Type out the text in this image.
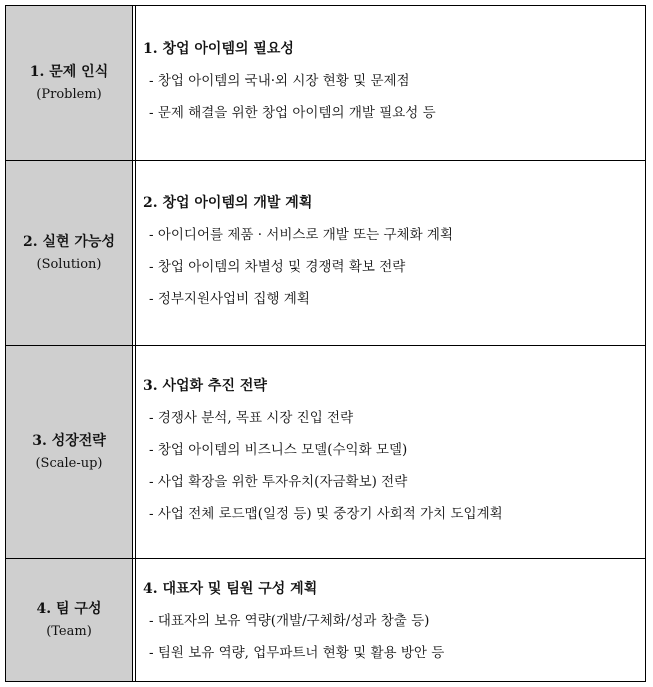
1. 문제 인식
(Problem)
1. 창업 아이템의 필요성
- 창업 아이템의 국내·외 시장 현황 및 문제점
- 문제 해결을 위한 창업 아이템의 개발 필요성 등
2. 실현 가능성
(Solution)
2. 창업 아이템의 개발 계획
- 아이디어를 제품 · 서비스로 개발 또는 구체화 계획
- 창업 아이템의 차별성 및 경쟁력 확보 전략
- 정부지원사업비 집행 계획
3. 성장전략
(Scale-up)
3. 사업화 추진 전략
- 경쟁사 분석, 목표 시장 진입 전략
- 창업 아이템의 비즈니스 모델(수익화 모델)
- 사업 확장을 위한 투자유치(자금확보) 전략
- 사업 전체 로드맵(일정 등) 및 중장기 사회적 가치 도입계획
4. 팀 구성
(Team)
4. 대표자 및 팀원 구성 계획
- 대표자의 보유 역량(개발/구체화/성과 창출 등)
- 팀원 보유 역량, 업무파트너 현황 및 활용 방안 등
